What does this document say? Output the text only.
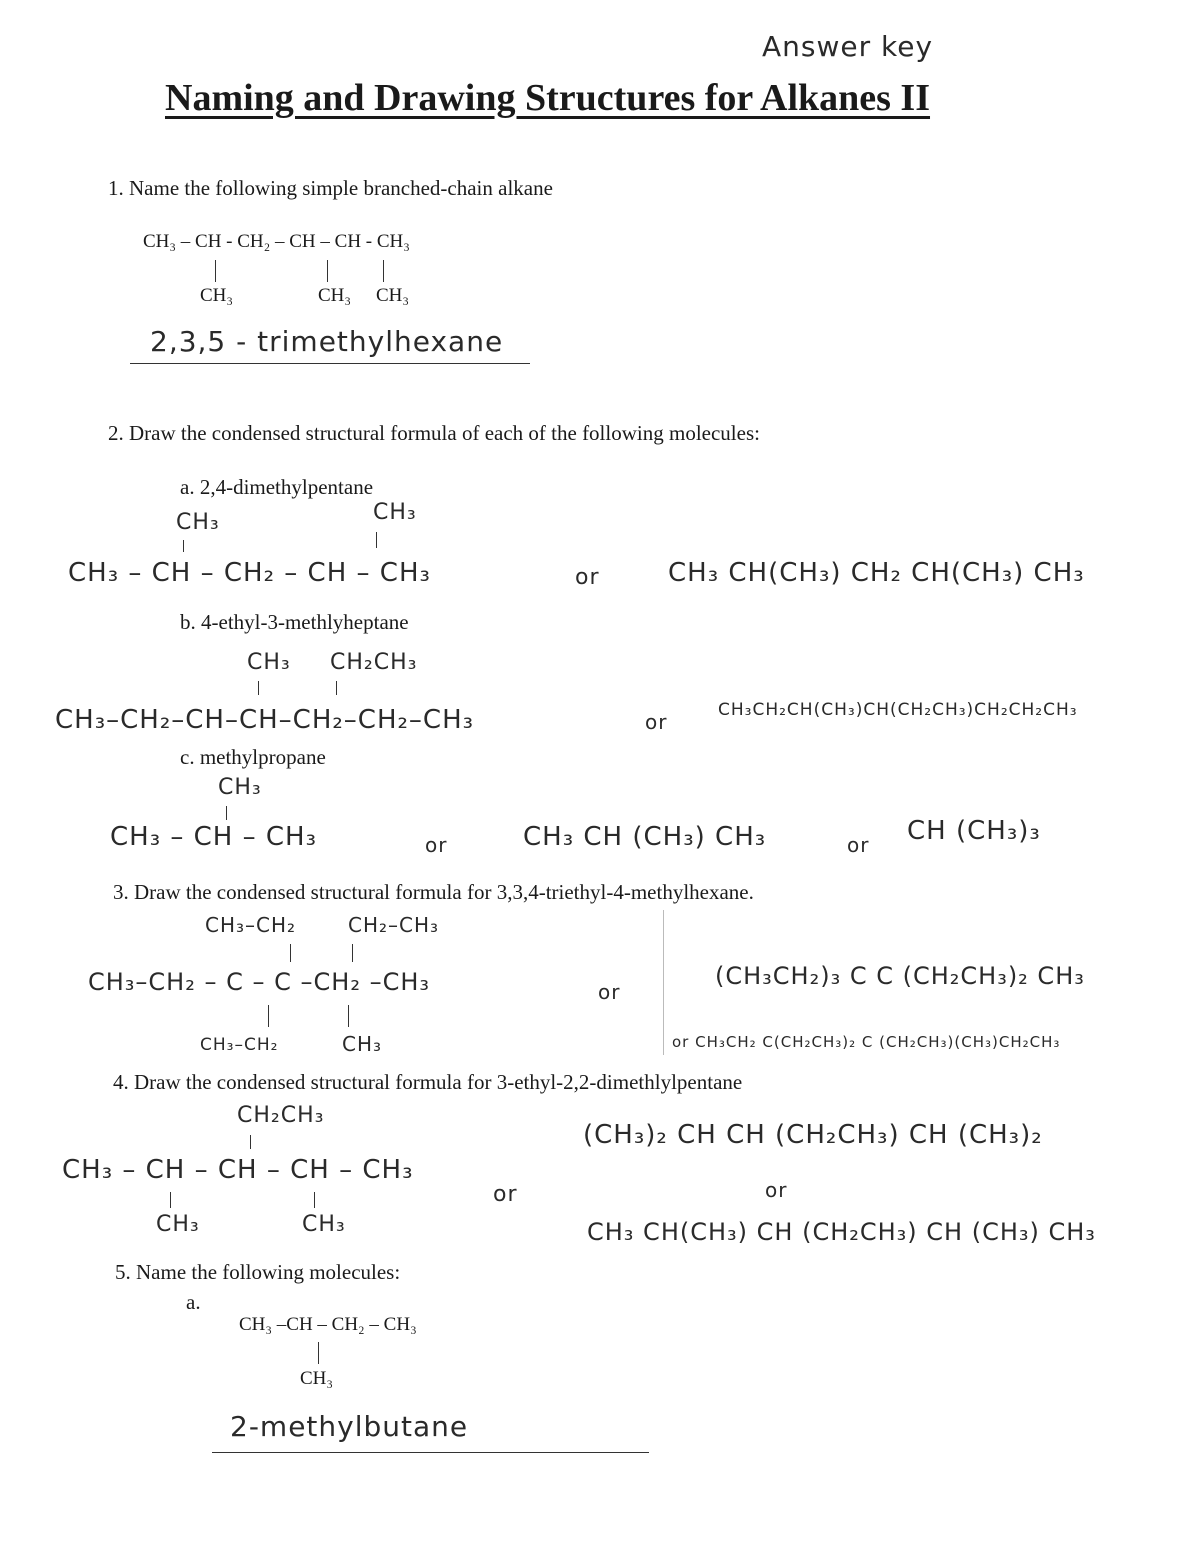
Answer key
Naming and Drawing Structures for Alkanes II
1. Name the following simple branched-chain alkane
CH₃ – CH - CH₂ – CH – CH - CH₃
CH₃	CH₃ CH₃
2,3,5 - trimethylhexane
2. Draw the condensed structural formula of each of the following molecules:
a. 2,4-dimethylpentane
CH₃	CH₃
CH₃ – CH – CH₂ – CH – CH₃	or	CH₃ CH(CH₃) CH₂ CH(CH₃) CH₃
b. 4-ethyl-3-methlyheptane
CH₃ CH₂CH₃
CH₃–CH₂–CH–CH–CH₂–CH₂–CH₃	or	CH₃CH₂CH(CH₃)CH(CH₂CH₃)CH₂CH₂CH₃
c. methylpropane
CH₃
CH₃ – CH – CH₃	or	CH₃ CH (CH₃) CH₃	or CH (CH₃)₃
3. Draw the condensed structural formula for 3,3,4-triethyl-4-methylhexane.
CH₃–CH₂	CH₂–CH₃
CH₃–CH₂ – C – C –CH₂ –CH₃
CH₃–CH₂	CH₃
or
(CH₃CH₂)₃ C C (CH₂CH₃)₂ CH₃
or CH₃CH₂ C(CH₂CH₃)₂ C (CH₂CH₃)(CH₃)CH₂CH₃
4. Draw the condensed structural formula for 3-ethyl-2,2-dimethlylpentane
CH₂CH₃
CH₃ – CH – CH – CH – CH₃
CH₃	CH₃
or
(CH₃)₂ CH CH (CH₂CH₃) CH (CH₃)₂
or
CH₃ CH(CH₃) CH (CH₂CH₃) CH (CH₃) CH₃
5. Name the following molecules:
a.
CH₃ –CH – CH₂ – CH₃
CH₃
2-methylbutane
